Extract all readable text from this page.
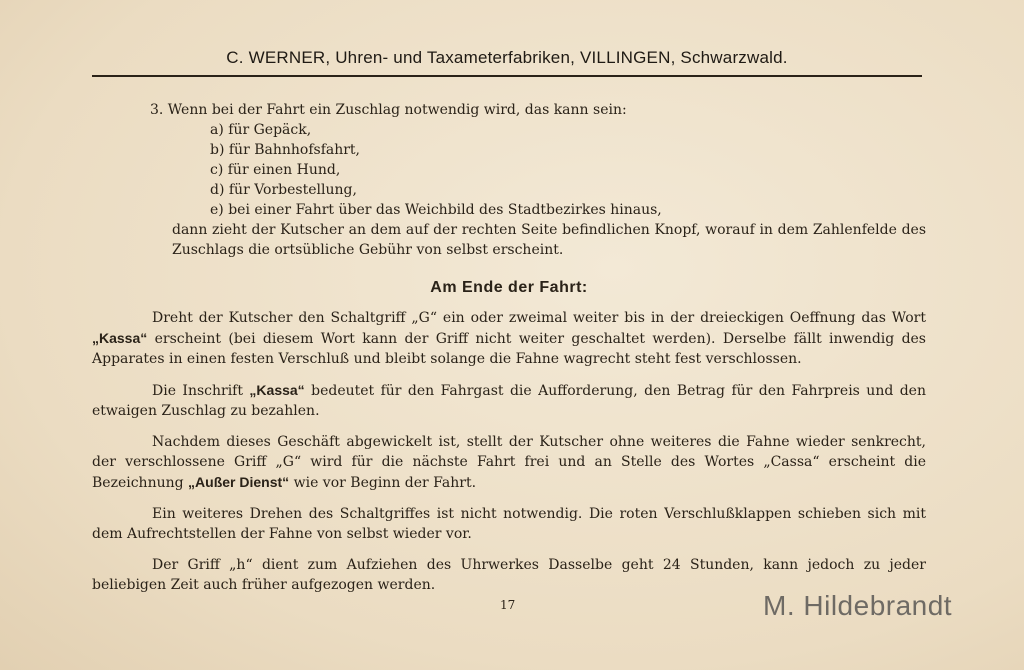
C. WERNER, Uhren- und Taxameterfabriken, VILLINGEN, Schwarzwald.
3. Wenn bei der Fahrt ein Zuschlag notwendig wird, das kann sein:
a) für Gepäck,
b) für Bahnhofsfahrt,
c) für einen Hund,
d) für Vorbestellung,
e) bei einer Fahrt über das Weichbild des Stadtbezirkes hinaus,
dann zieht der Kutscher an dem auf der rechten Seite befindlichen Knopf, worauf in dem Zahlenfelde des Zuschlags die ortsübliche Gebühr von selbst erscheint.
Am Ende der Fahrt:
Dreht der Kutscher den Schaltgriff „G“ ein oder zweimal weiter bis in der dreieckigen Oeffnung das Wort „Kassa“ erscheint (bei diesem Wort kann der Griff nicht weiter geschaltet werden). Derselbe fällt inwendig des Apparates in einen festen Verschluß und bleibt solange die Fahne wagrecht steht fest verschlossen.
Die Inschrift „Kassa“ bedeutet für den Fahrgast die Aufforderung, den Betrag für den Fahrpreis und den etwaigen Zuschlag zu bezahlen.
Nachdem dieses Geschäft abgewickelt ist, stellt der Kutscher ohne weiteres die Fahne wieder senkrecht, der verschlossene Griff „G“ wird für die nächste Fahrt frei und an Stelle des Wortes „Cassa“ erscheint die Bezeichnung „Außer Dienst“ wie vor Beginn der Fahrt.
Ein weiteres Drehen des Schaltgriffes ist nicht notwendig. Die roten Verschlußklappen schieben sich mit dem Aufrechtstellen der Fahne von selbst wieder vor.
Der Griff „h“ dient zum Aufziehen des Uhrwerkes Dasselbe geht 24 Stunden, kann jedoch zu jeder beliebigen Zeit auch früher aufgezogen werden.
17	M. Hildebrandt
